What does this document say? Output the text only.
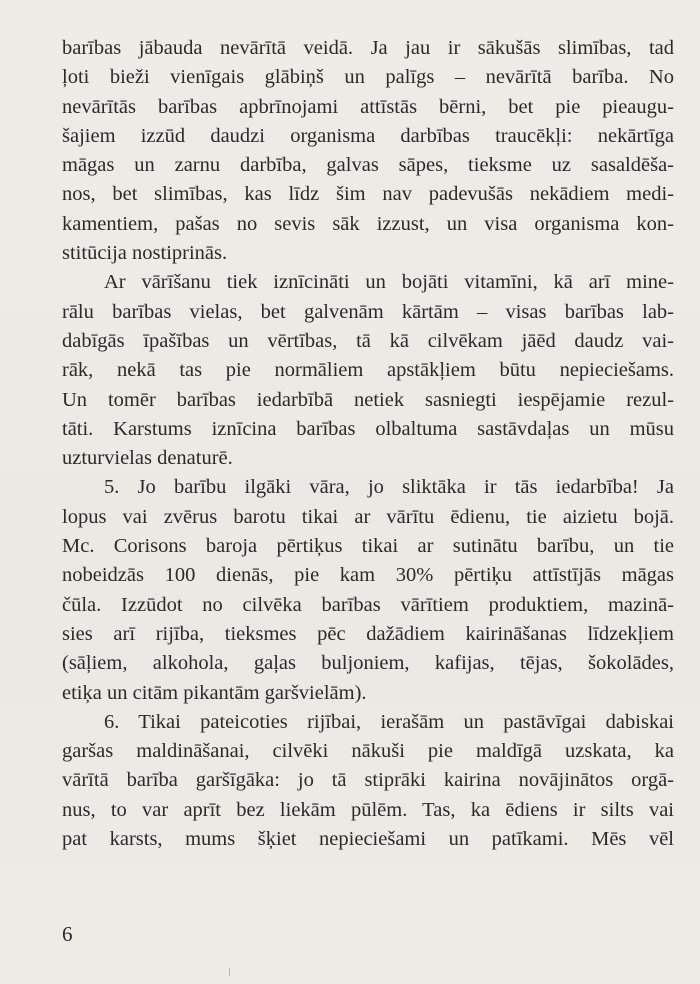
barības jābauda nevārītā veidā. Ja jau ir sākušās slimības, tad
ļoti bieži vienīgais glābiņš un palīgs – nevārītā barība. No
nevārītās barības apbrīnojami attīstās bērni, bet pie pieaugu-
šajiem izzūd daudzi organisma darbības traucēkļi: nekārtīga
māgas un zarnu darbība, galvas sāpes, tieksme uz sasaldēša-
nos, bet slimības, kas līdz šim nav padevušās nekādiem medi-
kamentiem, pašas no sevis sāk izzust, un visa organisma kon-
stitūcija nostiprinās.
Ar vārīšanu tiek iznīcināti un bojāti vitamīni, kā arī mine-
rālu barības vielas, bet galvenām kārtām – visas barības lab-
dabīgās īpašības un vērtības, tā kā cilvēkam jāēd daudz vai-
rāk, nekā tas pie normāliem apstākļiem būtu nepieciešams.
Un tomēr barības iedarbībā netiek sasniegti iespējamie rezul-
tāti. Karstums iznīcina barības olbaltuma sastāvdaļas un mūsu
uzturvielas denaturē.
5. Jo barību ilgāki vāra, jo sliktāka ir tās iedarbība! Ja
lopus vai zvērus barotu tikai ar vārītu ēdienu, tie aizietu bojā.
Mc. Corisons baroja pērtiķus tikai ar sutinātu barību, un tie
nobeidzās 100 dienās, pie kam 30% pērtiķu attīstījās māgas
čūla. Izzūdot no cilvēka barības vārītiem produktiem, mazinā-
sies arī rijība, tieksmes pēc dažādiem kairināšanas līdzekļiem
(sāļiem, alkohola, gaļas buljoniem, kafijas, tējas, šokolādes,
etiķa un citām pikantām garšvielām).
6. Tikai pateicoties rijībai, ierašām un pastāvīgai dabiskai
garšas maldināšanai, cilvēki nākuši pie maldīgā uzskata, ka
vārītā barība garšīgāka: jo tā stiprāki kairina novājinātos orgā-
nus, to var aprīt bez liekām pūlēm. Tas, ka ēdiens ir silts vai
pat karsts, mums šķiet nepieciešami un patīkami. Mēs vēl
6
